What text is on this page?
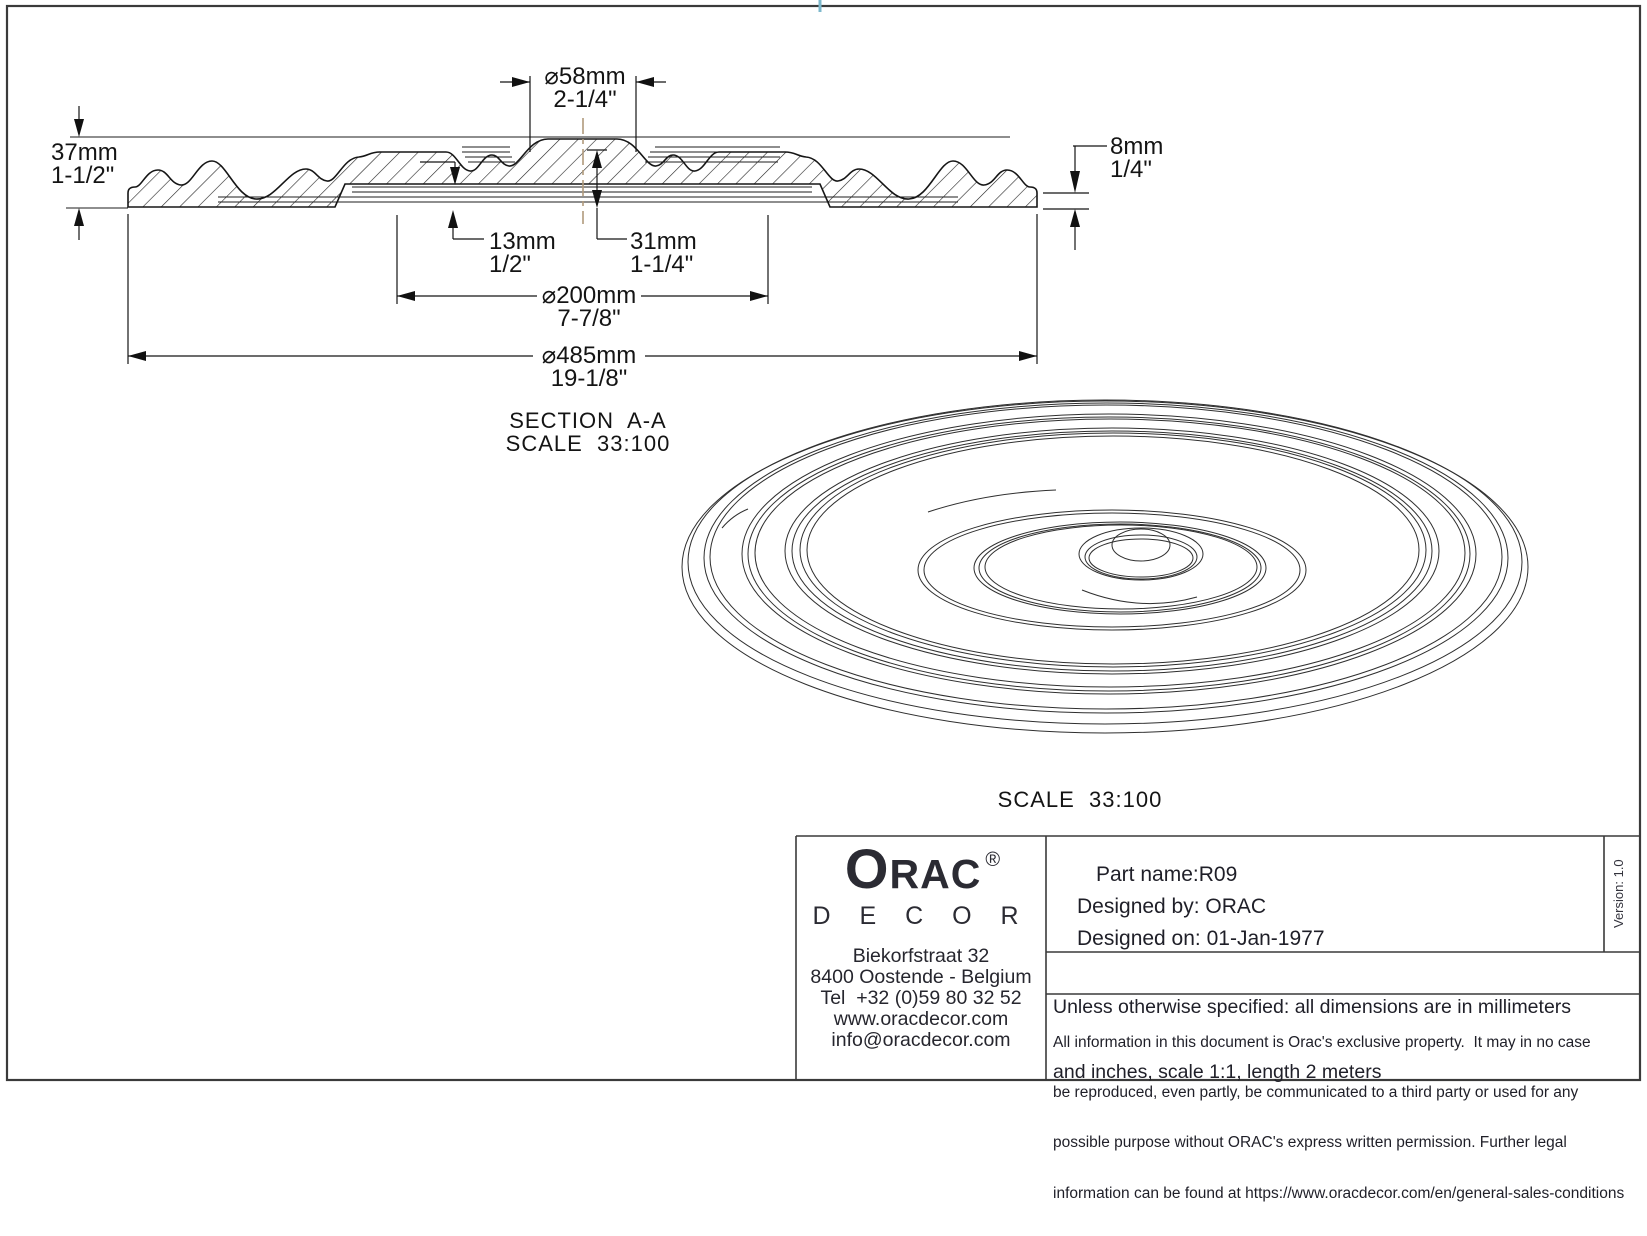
⌀58mm
2-1/4"
37mm
1-1/2"
8mm
1/4"
13mm
1/2"
31mm
1-1/4"
⌀200mm
7-7/8"
⌀485mm
19-1/8"
SECTION  A-A
SCALE  33:100
SCALE  33:100
ORAC ®
D E C O R
Biekorfstraat 32
8400 Oostende - Belgium
Tel  +32 (0)59 80 32 52
www.oracdecor.com
info@oracdecor.com
Part name:R09
Designed by: ORAC
Designed on: 01-Jan-1977

Unless otherwise specified: all dimensions are in millimeters

and inches, scale 1:1, length 2 meters

All information in this document is Orac's exclusive property.  It may in no case

be reproduced, even partly, be communicated to a third party or used for any

possible purpose without ORAC's express written permission. Further legal

information can be found at https://www.oracdecor.com/en/general-sales-conditions

Version: 1.0
